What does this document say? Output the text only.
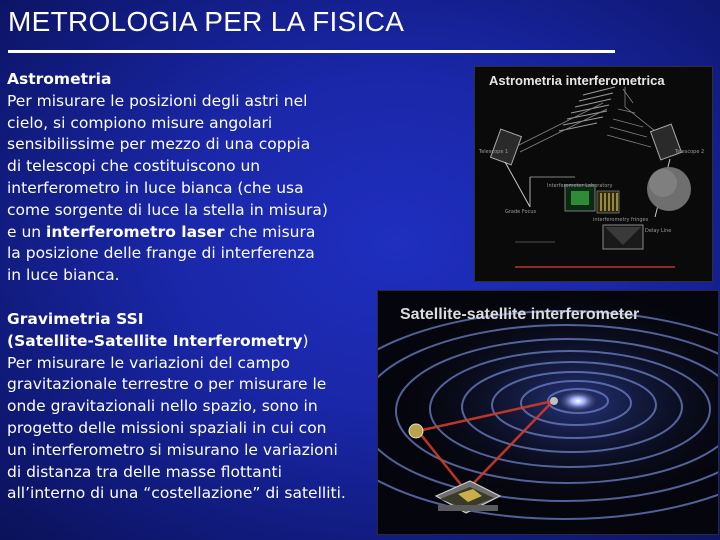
METROLOGIA PER LA FISICA
Astrometria
Per misurare le posizioni degli astri nel
cielo, si compiono misure angolari
sensibilissime per mezzo di una coppia
di telescopi che costituiscono un
interferometro in luce bianca (che usa
come sorgente di luce la stella in misura)
e un interferometro laser che misura
la posizione delle frange di interferenza
in luce bianca.
Gravimetria SSI
(Satellite-Satellite Interferometry)
Per misurare le variazioni del campo
gravitazionale terrestre o per misurare le
onde gravitazionali nello spazio, sono in
progetto delle missioni spaziali in cui con
un interferometro si misurano le variazioni
di distanza tra delle masse flottanti
all’interno di una “costellazione” di satelliti.
Telescope 1	Telescope 2
Interferometer Laboratory
interferometry fringes
Grade Focus
Delay Line
Astrometria interferometrica
Satellite-satellite interferometer
